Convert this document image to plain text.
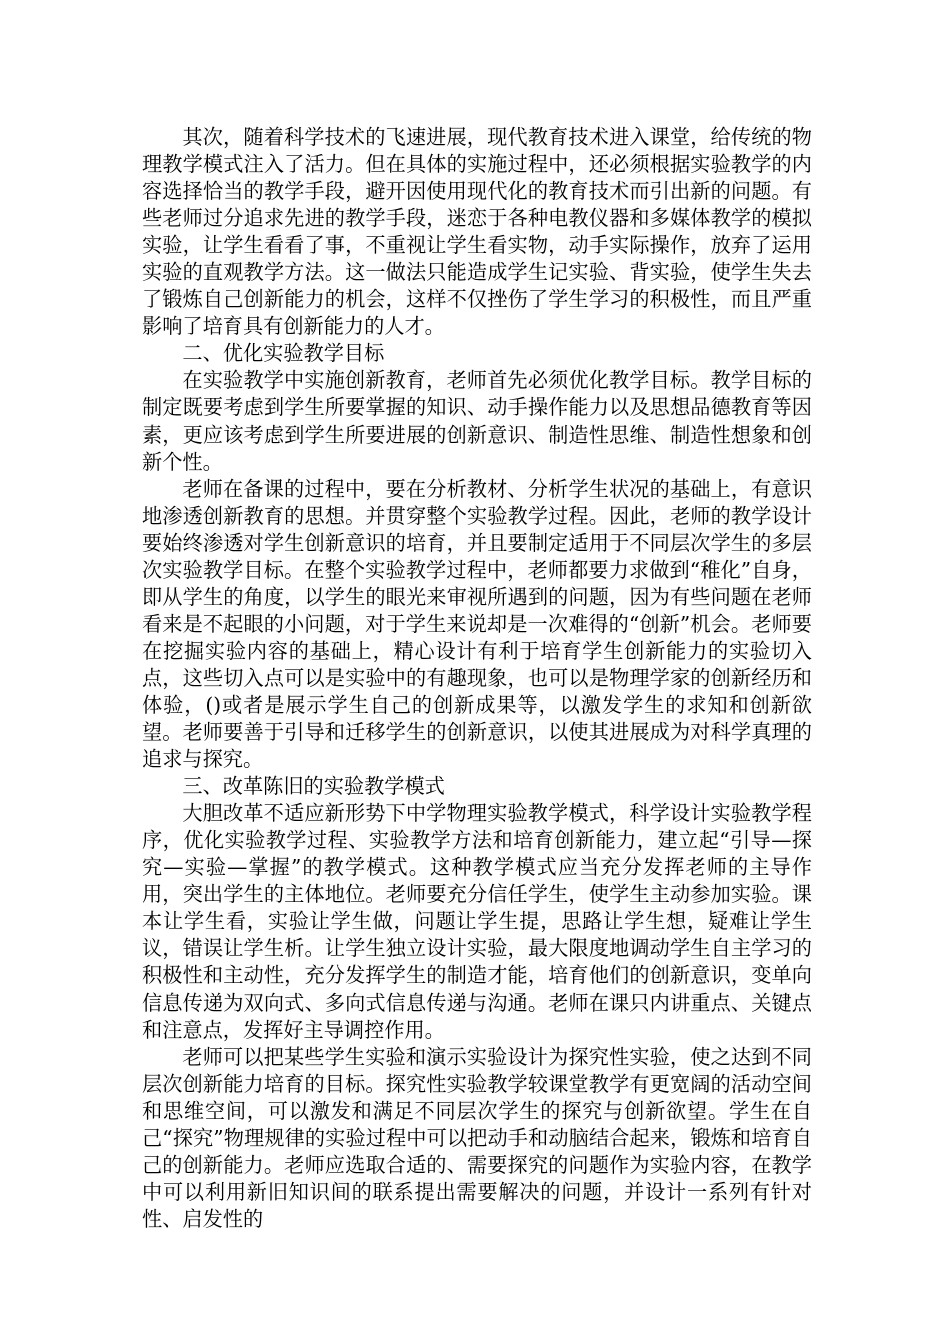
其次，随着科学技术的飞速进展，现代教育技术进入课堂，给传统的物理教学模式注入了活力。但在具体的实施过程中，还必须根据实验教学的内容选择恰当的教学手段，避开因使用现代化的教育技术而引出新的问题。有些老师过分追求先进的教学手段，迷恋于各种电教仪器和多媒体教学的模拟实验，让学生看看了事，不重视让学生看实物，动手实际操作，放弃了运用实验的直观教学方法。这一做法只能造成学生记实验、背实验，使学生失去了锻炼自己创新能力的机会，这样不仅挫伤了学生学习的积极性，而且严重影响了培育具有创新能力的人才。

二、优化实验教学目标

在实验教学中实施创新教育，老师首先必须优化教学目标。教学目标的制定既要考虑到学生所要掌握的知识、动手操作能力以及思想品德教育等因素，更应该考虑到学生所要进展的创新意识、制造性思维、制造性想象和创新个性。

老师在备课的过程中，要在分析教材、分析学生状况的基础上，有意识地渗透创新教育的思想。并贯穿整个实验教学过程。因此，老师的教学设计要始终渗透对学生创新意识的培育，并且要制定适用于不同层次学生的多层次实验教学目标。在整个实验教学过程中，老师都要力求做到“稚化”自身，即从学生的角度，以学生的眼光来审视所遇到的问题，因为有些问题在老师看来是不起眼的小问题，对于学生来说却是一次难得的“创新”机会。老师要在挖掘实验内容的基础上，精心设计有利于培育学生创新能力的实验切入点，这些切入点可以是实验中的有趣现象，也可以是物理学家的创新经历和体验，()或者是展示学生自己的创新成果等，以激发学生的求知和创新欲望。老师要善于引导和迁移学生的创新意识，以使其进展成为对科学真理的追求与探究。

三、改革陈旧的实验教学模式

大胆改革不适应新形势下中学物理实验教学模式，科学设计实验教学程序，优化实验教学过程、实验教学方法和培育创新能力，建立起“引导—探究—实验—掌握”的教学模式。这种教学模式应当充分发挥老师的主导作用，突出学生的主体地位。老师要充分信任学生，使学生主动参加实验。课本让学生看，实验让学生做，问题让学生提，思路让学生想，疑难让学生议，错误让学生析。让学生独立设计实验，最大限度地调动学生自主学习的积极性和主动性，充分发挥学生的制造才能，培育他们的创新意识，变单向信息传递为双向式、多向式信息传递与沟通。老师在课只内讲重点、关键点和注意点，发挥好主导调控作用。

老师可以把某些学生实验和演示实验设计为探究性实验，使之达到不同层次创新能力培育的目标。探究性实验教学较课堂教学有更宽阔的活动空间和思维空间，可以激发和满足不同层次学生的探究与创新欲望。学生在自己“探究”物理规律的实验过程中可以把动手和动脑结合起来，锻炼和培育自己的创新能力。老师应选取合适的、需要探究的问题作为实验内容，在教学中可以利用新旧知识间的联系提出需要解决的问题，并设计一系列有针对性、启发性的
